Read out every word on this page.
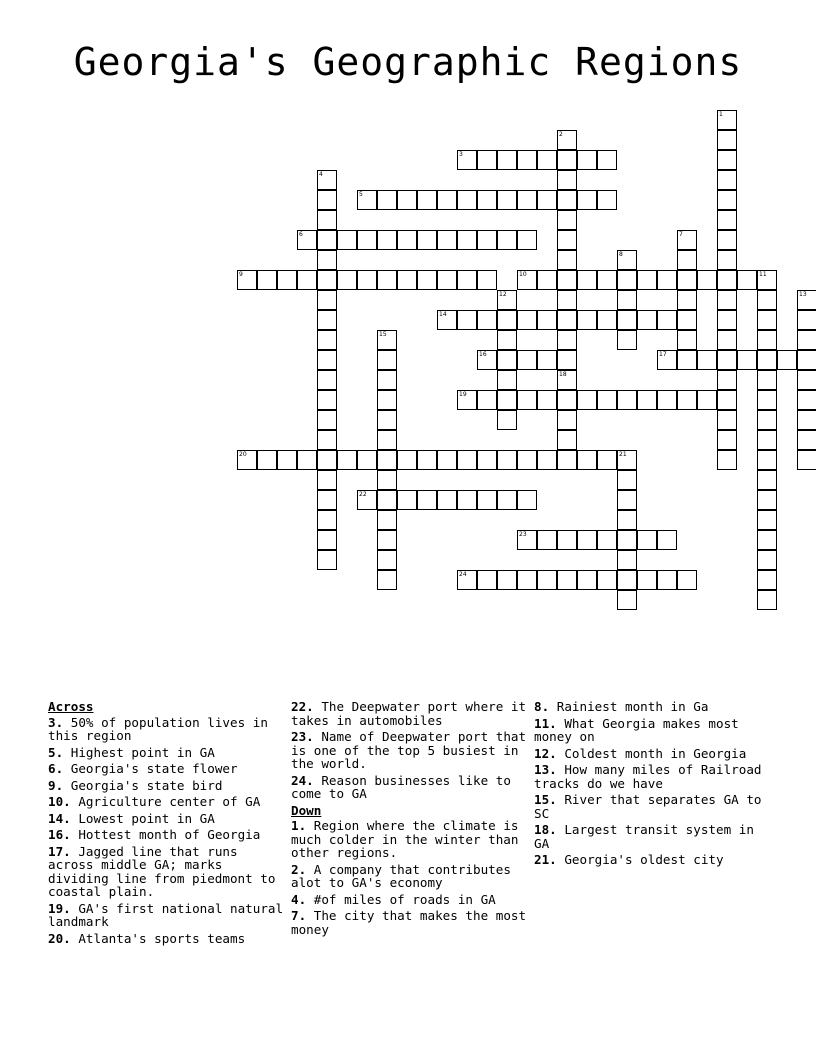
Georgia's Geographic Regions
1
2
18
3
4
5
6	7
8
9	10	11
12	13
14
15
16	17
19
20	21
22
23
24
Across
3. 50% of population lives in this region
5. Highest point in GA
6. Georgia's state flower
9. Georgia's state bird
10. Agriculture center of GA
14. Lowest point in GA
16. Hottest month of Georgia
17. Jagged line that runs across middle GA; marks dividing line from piedmont to coastal plain.
19. GA's first national natural landmark
20. Atlanta's sports teams
22. The Deepwater port where it takes in automobiles
23. Name of Deepwater port that is one of the top 5 busiest in the world.
24. Reason businesses like to come to GA
Down
1. Region where the climate is much colder in the winter than other regions.
2. A company that contributes alot to GA's economy
4. #of miles of roads in GA
7. The city that makes the most money
8. Rainiest month in Ga
11. What Georgia makes most money on
12. Coldest month in Georgia
13. How many miles of Railroad tracks do we have
15. River that separates GA to SC
18. Largest transit system in GA
21. Georgia's oldest city
